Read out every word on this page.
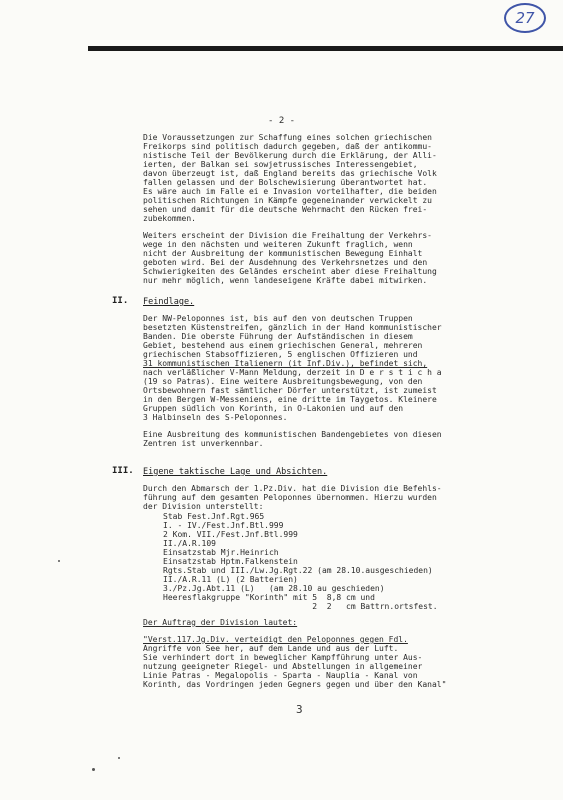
27
- 2 -
Die Voraussetzungen zur Schaffung eines solchen griechischen
Freikorps sind politisch dadurch gegeben, daß der antikommu-
nistische Teil der Bevölkerung durch die Erklärung, der Alli-
ierten, der Balkan sei sowjetrussisches Interessengebiet,
davon überzeugt ist, daß England bereits das griechische Volk
fallen gelassen und der Bolschewisierung überantwortet hat.
Es wäre auch im Falle ei e Invasion vorteilhafter, die beiden
politischen Richtungen in Kämpfe gegeneinander verwickelt zu
sehen und damit für die deutsche Wehrmacht den Rücken frei-
zubekommen.
Weiters erscheint der Division die Freihaltung der Verkehrs-
wege in den nächsten und weiteren Zukunft fraglich, wenn
nicht der Ausbreitung der kommunistischen Bewegung Einhalt
geboten wird. Bei der Ausdehnung des Verkehrsnetzes und den
Schwierigkeiten des Geländes erscheint aber diese Freihaltung
nur mehr möglich, wenn landeseigene Kräfte dabei mitwirken.
II. Feindlage.
Der NW-Peloponnes ist, bis auf den von deutschen Truppen
besetzten Küstenstreifen, gänzlich in der Hand kommunistischer
Banden. Die oberste Führung der Aufständischen in diesem
Gebiet, bestehend aus einem griechischen General, mehreren
griechischen Stabsoffizieren, 5 englischen Offizieren und
31 kommunistischen Italienern (it Inf.Div.), befindet sich,
nach verläßlicher V-Mann Meldung, derzeit in D e r s t i c h a
(19 so Patras). Eine weitere Ausbreitungsbewegung, von den
Ortsbewohnern fast sämtlicher Dörfer unterstützt, ist zumeist
in den Bergen W-Messeniens, eine dritte im Taygetos. Kleinere
Gruppen südlich von Korinth, in O-Lakonien und auf den
3 Halbinseln des S-Peloponnes.
Eine Ausbreitung des kommunistischen Bandengebietes von diesen
Zentren ist unverkennbar.
III. Eigene taktische Lage und Absichten.
Durch den Abmarsch der 1.Pz.Div. hat die Division die Befehls-
führung auf dem gesamten Peloponnes übernommen. Hierzu wurden
der Division unterstellt:
Stab Fest.Jnf.Rgt.965
I. - IV./Fest.Jnf.Btl.999
2 Kom. VII./Fest.Jnf.Btl.999
II./A.R.109
Einsatzstab Mjr.Heinrich
Einsatzstab Hptm.Falkenstein
Rgts.Stab und III./Lw.Jg.Rgt.22 (am 28.10.ausgeschieden)
II./A.R.11 (L) (2 Batterien)
3./Pz.Jg.Abt.11 (L)   (am 28.10 au geschieden)
Heeresflakgruppe "Korinth" mit 5  8,8 cm und
2  2   cm Battrn.ortsfest.
Der Auftrag der Division lautet:
"Verst.117.Jg.Div. verteidigt den Peloponnes gegen Fdl.
Angriffe von See her, auf dem Lande und aus der Luft.
Sie verhindert dort in beweglicher Kampfführung unter Aus-
nutzung geeigneter Riegel- und Abstellungen in allgemeiner
Linie Patras - Megalopolis - Sparta - Nauplia - Kanal von
Korinth, das Vordringen jeden Gegners gegen und über den Kanal"
3
